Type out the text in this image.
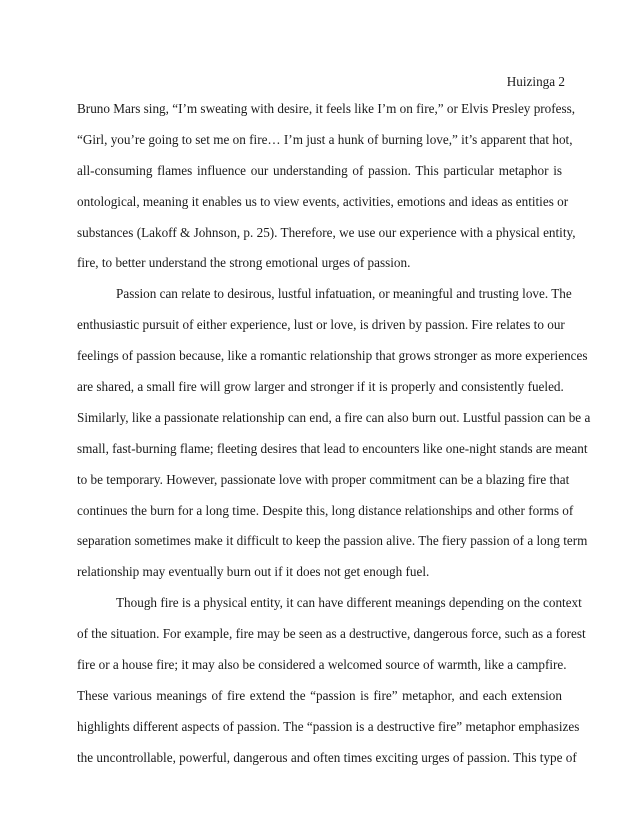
Huizinga 2
Bruno Mars sing, “I’m sweating with desire, it feels like I’m on fire,” or Elvis Presley profess,
“Girl, you’re going to set me on fire… I’m just a hunk of burning love,” it’s apparent that hot,
all-consuming flames influence our understanding of passion. This particular metaphor is
ontological, meaning it enables us to view events, activities, emotions and ideas as entities or
substances (Lakoff & Johnson, p. 25). Therefore, we use our experience with a physical entity,
fire, to better understand the strong emotional urges of passion.
Passion can relate to desirous, lustful infatuation, or meaningful and trusting love. The
enthusiastic pursuit of either experience, lust or love, is driven by passion. Fire relates to our
feelings of passion because, like a romantic relationship that grows stronger as more experiences
are shared, a small fire will grow larger and stronger if it is properly and consistently fueled.
Similarly, like a passionate relationship can end, a fire can also burn out. Lustful passion can be a
small, fast-burning flame; fleeting desires that lead to encounters like one-night stands are meant
to be temporary. However, passionate love with proper commitment can be a blazing fire that
continues the burn for a long time. Despite this, long distance relationships and other forms of
separation sometimes make it difficult to keep the passion alive. The fiery passion of a long term
relationship may eventually burn out if it does not get enough fuel.
Though fire is a physical entity, it can have different meanings depending on the context
of the situation. For example, fire may be seen as a destructive, dangerous force, such as a forest
fire or a house fire; it may also be considered a welcomed source of warmth, like a campfire.
These various meanings of fire extend the “passion is fire” metaphor, and each extension
highlights different aspects of passion. The “passion is a destructive fire” metaphor emphasizes
the uncontrollable, powerful, dangerous and often times exciting urges of passion. This type of
